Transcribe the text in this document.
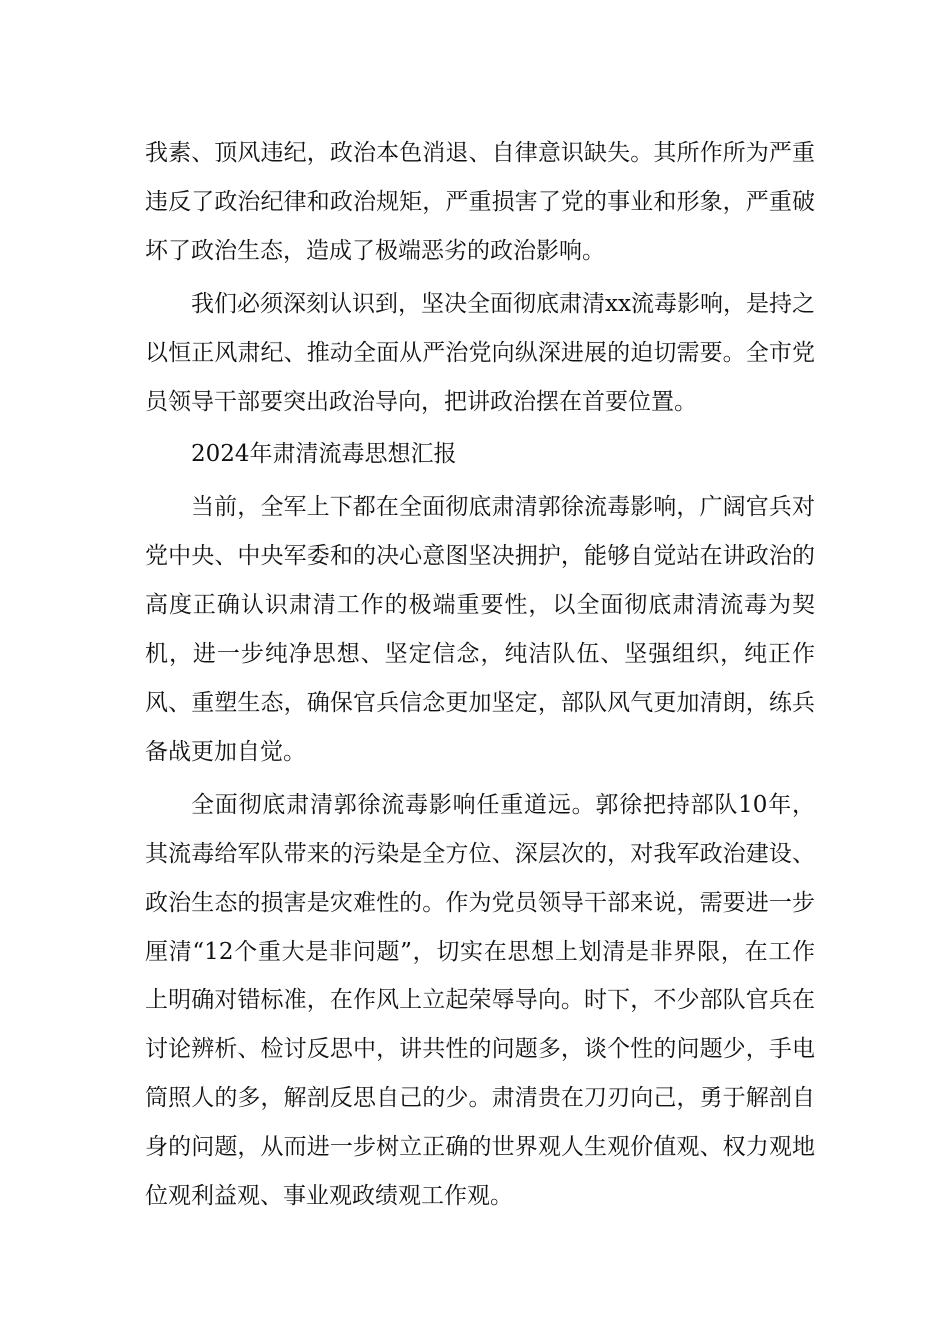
我素、顶风违纪，政治本色消退、自律意识缺失。其所作所为严重违反了政治纪律和政治规矩，严重损害了党的事业和形象，严重破坏了政治生态，造成了极端恶劣的政治影响。

我们必须深刻认识到，坚决全面彻底肃清xx流毒影响，是持之以恒正风肃纪、推动全面从严治党向纵深进展的迫切需要。全市党员领导干部要突出政治导向，把讲政治摆在首要位置。

2024年肃清流毒思想汇报

当前，全军上下都在全面彻底肃清郭徐流毒影响，广阔官兵对党中央、中央军委和的决心意图坚决拥护，能够自觉站在讲政治的高度正确认识肃清工作的极端重要性，以全面彻底肃清流毒为契机，进一步纯净思想、坚定信念，纯洁队伍、坚强组织，纯正作风、重塑生态，确保官兵信念更加坚定，部队风气更加清朗，练兵备战更加自觉。

全面彻底肃清郭徐流毒影响任重道远。郭徐把持部队10年，其流毒给军队带来的污染是全方位、深层次的，对我军政治建设、政治生态的损害是灾难性的。作为党员领导干部来说，需要进一步厘清“12个重大是非问题”，切实在思想上划清是非界限，在工作上明确对错标准，在作风上立起荣辱导向。时下，不少部队官兵在讨论辨析、检讨反思中，讲共性的问题多，谈个性的问题少，手电筒照人的多，解剖反思自己的少。肃清贵在刀刃向己，勇于解剖自身的问题，从而进一步树立正确的世界观人生观价值观、权力观地位观利益观、事业观政绩观工作观。
